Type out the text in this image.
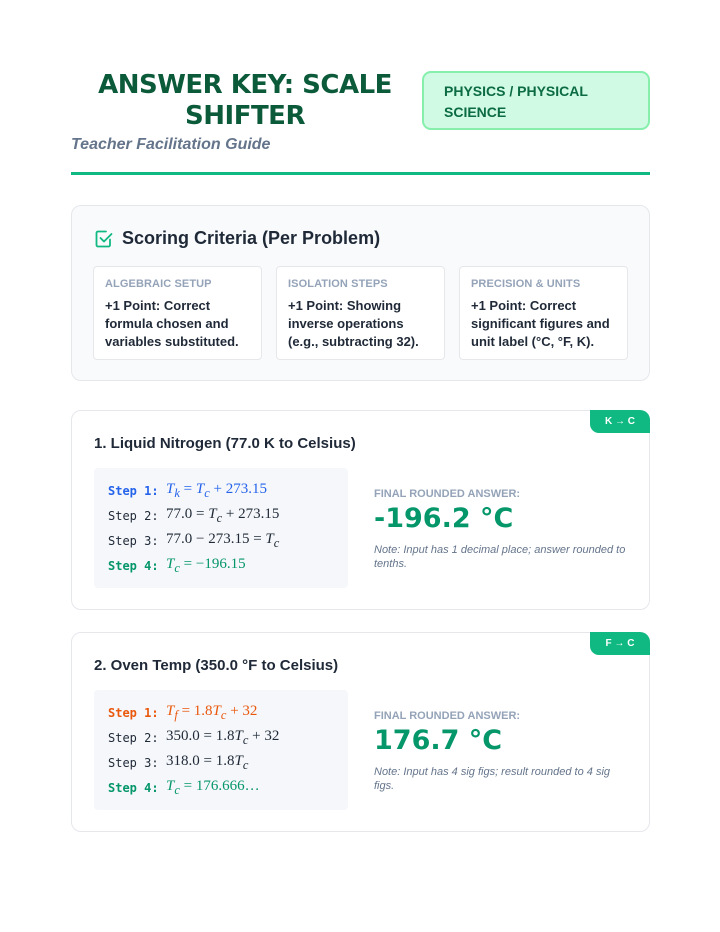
ANSWER KEY: SCALE SHIFTER
Teacher Facilitation Guide
PHYSICS / PHYSICAL SCIENCE
Scoring Criteria (Per Problem)
ALGEBRAIC SETUP
+1 Point: Correct formula chosen and variables substituted.
ISOLATION STEPS
+1 Point: Showing inverse operations (e.g., subtracting 32).
PRECISION & UNITS
+1 Point: Correct significant figures and unit label (°C, °F, K).
K → C
1. Liquid Nitrogen (77.0 K to Celsius)
Step 1: $T_k = T_c + 273.15$
Step 2: $77.0 = T_c + 273.15$
Step 3: $77.0 - 273.15 = T_c$
Step 4: $T_c = -196.15$
FINAL ROUNDED ANSWER:
-196.2 °C
Note: Input has 1 decimal place; answer rounded to tenths.
F → C
2. Oven Temp (350.0 °F to Celsius)
Step 1: $T_f = 1.8T_c + 32$
Step 2: $350.0 = 1.8T_c + 32$
Step 3: $318.0 = 1.8T_c$
Step 4: $T_c$ = 176.666…
FINAL ROUNDED ANSWER:
176.7 °C
Note: Input has 4 sig figs; result rounded to 4 sig figs.
